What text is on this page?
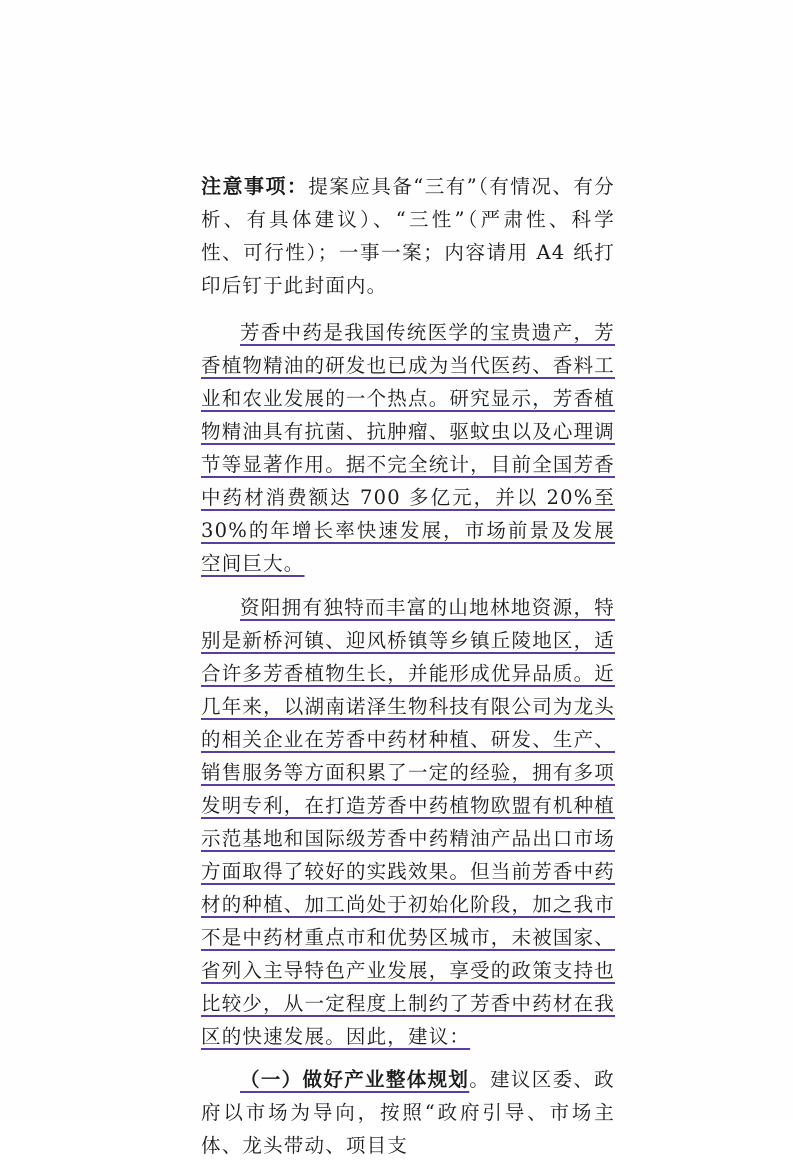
注意事项：提案应具备“三有”（有情况、有分析、有具体建议）、“三性”（严肃性、科学性、可行性）；一事一案；内容请用 A4 纸打印后钉于此封面内。

芳香中药是我国传统医学的宝贵遗产，芳香植物精油的研发也已成为当代医药、香料工业和农业发展的一个热点。研究显示，芳香植物精油具有抗菌、抗肿瘤、驱蚊虫以及心理调节等显著作用。据不完全统计，目前全国芳香中药材消费额达 700 多亿元，并以 20%至 30%的年增长率快速发展，市场前景及发展空间巨大。

资阳拥有独特而丰富的山地林地资源，特别是新桥河镇、迎风桥镇等乡镇丘陵地区，适合许多芳香植物生长，并能形成优异品质。近几年来，以湖南诺泽生物科技有限公司为龙头的相关企业在芳香中药材种植、研发、生产、销售服务等方面积累了一定的经验，拥有多项发明专利，在打造芳香中药植物欧盟有机种植示范基地和国际级芳香中药精油产品出口市场方面取得了较好的实践效果。但当前芳香中药材的种植、加工尚处于初始化阶段，加之我市不是中药材重点市和优势区城市，未被国家、省列入主导特色产业发展，享受的政策支持也比较少，从一定程度上制约了芳香中药材在我区的快速发展。因此，建议：

（一）做好产业整体规划。建议区委、政府以市场为导向，按照“政府引导、市场主体、龙头带动、项目支
